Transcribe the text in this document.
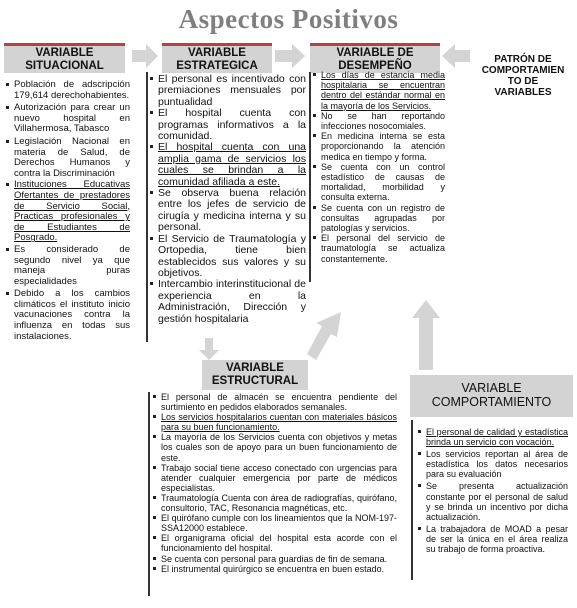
Aspectos Positivos
VARIABLE
SITUACIONAL
VARIABLE
ESTRATEGICA
VARIABLE DE
DESEMPEÑO	PATRÓN DE
COMPORTAMIEN
TO DE
VARIABLES
VARIABLE
ESTRUCTURAL
VARIABLE
COMPORTAMIENTO
Población de adscripción 179,614 derechohabientes.
Autorización para crear un nuevo hospital en Villahermosa, Tabasco
Legislación Nacional en materia de Salud, de Derechos Humanos y contra la Discriminación
Instituciones Educativas Ofertantes de prestadores de Servicio Social, Practicas profesionales y de Estudiantes de Posgrado.
Es considerado de segundo nivel ya que maneja puras especialidades
Debido a los cambios climáticos el instituto inicio vacunaciones contra la influenza en todas sus instalaciones.
El personal es incentivado con premiaciones mensuales por puntualidad
El hospital cuenta con programas informativos a la comunidad.
El hospital cuenta con una amplia gama de servicios los cuales se brindan a la comunidad afiliada a este.
Se observa buena relación entre los jefes de servicio de cirugía y medicina interna y su personal.
El Servicio de Traumatología y Ortopedia, tiene bien establecidos sus valores y su objetivos.
Intercambio interinstitucional de experiencia en la Administración, Dirección y gestión hospitalaria
Los días de estancia media hospitalaria se encuentran dentro del estándar normal en la mayoría de los Servicios.
No se han reportando infecciones nosocomiales.
En medicina interna se esta proporcionando la atención medica en tiempo y forma.
Se cuenta con un control estadístico de causas de mortalidad, morbilidad y consulta externa.
Se cuenta con un registro de consultas agrupadas por patologías y servicios.
El personal del servicio de traumatología se actualiza constantemente.
El personal de almacén se encuentra pendiente del surtimiento en pedidos elaborados semanales.
Los servicios hospitalarios cuentan con materiales básicos para su buen funcionamiento.
La mayoría de los Servicios cuenta con objetivos y metas los cuales son de apoyo para un buen funcionamiento de este.
Trabajo social tiene acceso conectado con urgencias para atender cualquier emergencia por parte de médicos especialistas.
Traumatología Cuenta con área de radiografías, quirófano, consultorio, TAC, Resonancia magnéticas, etc.
El quirófano cumple con los lineamientos que la NOM-197-SSA12000 establece.
El organigrama oficial del hospital esta acorde con el funcionamiento del hospital.
Se cuenta con personal para guardias de fin de semana.
El instrumental quirúrgico se encuentra en buen estado.
El personal de calidad y estadística brinda un servicio con vocación.
Los servicios reportan al área de estadística los datos necesarios para su evaluación
Se presenta actualización constante por el personal de salud y se brinda un incentivo por dicha actualización.
La trabajadora de MOAD a pesar de ser la única en el área realiza su trabajo de forma proactiva.
